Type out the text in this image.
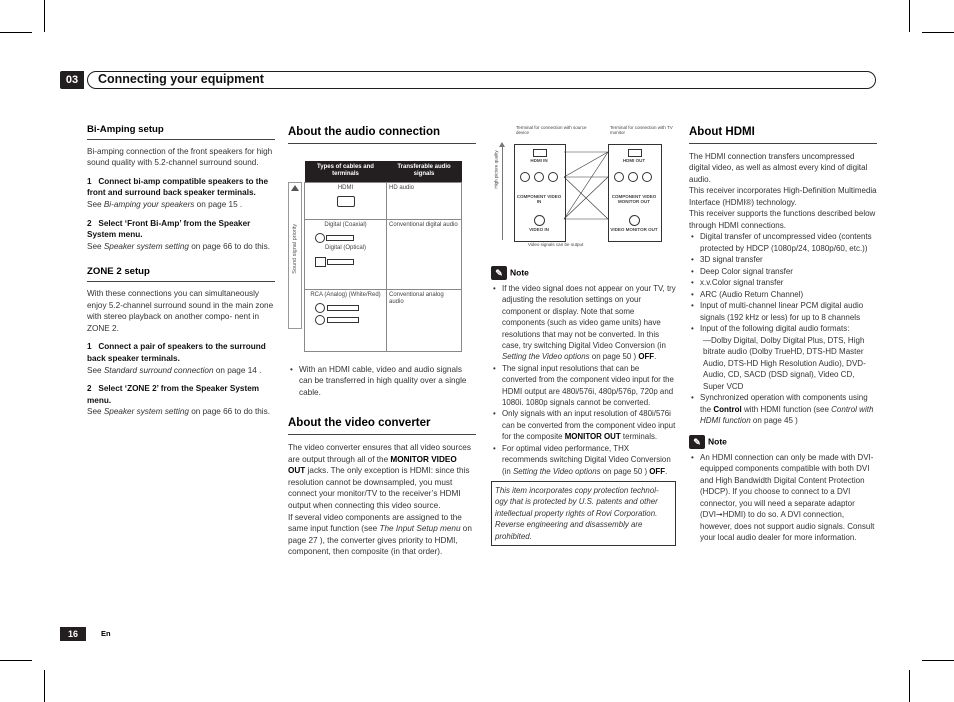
03	Connecting your equipment
Bi-Amping setup

Bi-amping connection of the front speakers for high sound quality with 5.2-channel surround sound.

1 Connect bi-amp compatible speakers to the front and surround back speaker terminals.

See Bi-amping your speakers on page 15 .

2 Select ‘Front Bi-Amp’ from the Speaker System menu.

See Speaker system setting on page 66 to do this.

ZONE 2 setup

With these connections you can simultaneously enjoy 5.2-channel surround sound in the main zone with stereo playback on another compo- nent in ZONE 2.

1 Connect a pair of speakers to the surround back speaker terminals.

See Standard surround connection on page 14 .

2 Select ‘ZONE 2’ from the Speaker System menu.

See Speaker system setting on page 66 to do this.

About the audio connection
Sound signal priority
Types of cables and terminals	Transferable audio signals

HDMI	HD audio

Digital (Coaxial)
Digital (Optical)	Conventional digital audio

RCA (Analog) (White/Red)	Conventional analog audio
• With an HDMI cable, video and audio signals can be transferred in high quality over a single cable.
About the video converter

The video converter ensures that all video sources are output through all of the MONITOR VIDEO OUT jacks. The only exception is HDMI: since this resolution cannot be downsampled, you must connect your monitor/TV to the receiver’s HDMI output when connecting this video source.

If several video components are assigned to the same input function (see The Input Setup menu on page 27 ), the converter gives priority to HDMI, component, then composite (in that order).

Terminal for connection with source device
Terminal for connection with TV monitor
High picture quality	HDMI IN	HDMI OUT
COMPONENT VIDEO IN
COMPONENT VIDEO MONITOR OUT
VIDEO IN	VIDEO MONITOR OUT
Video signals can be output
✎ Note
• If the video signal does not appear on your TV, try adjusting the resolution settings on your component or display. Note that some components (such as video game units) have resolutions that may not be converted. In this case, try switching Digital Video Conversion (in Setting the Video options on page 50 ) OFF.
• The signal input resolutions that can be converted from the component video input for the HDMI output are 480i/576i, 480p/576p, 720p and 1080i. 1080p signals cannot be converted.
• Only signals with an input resolution of 480i/576i can be converted from the component video input for the composite MONITOR OUT terminals.
• For optimal video performance, THX recommends switching Digital Video Conversion (in Setting the Video options on page 50 ) OFF.
This item incorporates copy protection technol- ogy that is protected by U.S. patents and other intellectual property rights of Rovi Corporation. Reverse engineering and disassembly are prohibited.
About HDMI

The HDMI connection transfers uncompressed digital video, as well as almost every kind of digital audio.

This receiver incorporates High-Definition Multimedia Interface (HDMI®) technology.

This receiver supports the functions described below through HDMI connections.

• Digital transfer of uncompressed video (contents protected by HDCP (1080p/24, 1080p/60, etc.))
• 3D signal transfer
• Deep Color signal transfer
• x.v.Color signal transfer
• ARC (Audio Return Channel)
• Input of multi-channel linear PCM digital audio signals (192 kHz or less) for up to 8 channels
• Input of the following digital audio formats:
—Dolby Digital, Dolby Digital Plus, DTS, High bitrate audio (Dolby TrueHD, DTS-HD Master Audio, DTS-HD High Resolution Audio), DVD-Audio, CD, SACD (DSD signal), Video CD, Super VCD
• Synchronized operation with components using the Control with HDMI function (see Control with HDMI function on page 45 )
✎ Note
• An HDMI connection can only be made with DVI-equipped components compatible with both DVI and High Bandwidth Digital Content Protection (HDCP). If you choose to connect to a DVI connector, you will need a separate adaptor (DVI➞HDMI) to do so. A DVI connection, however, does not support audio signals. Consult your local audio dealer for more information.
16	En
